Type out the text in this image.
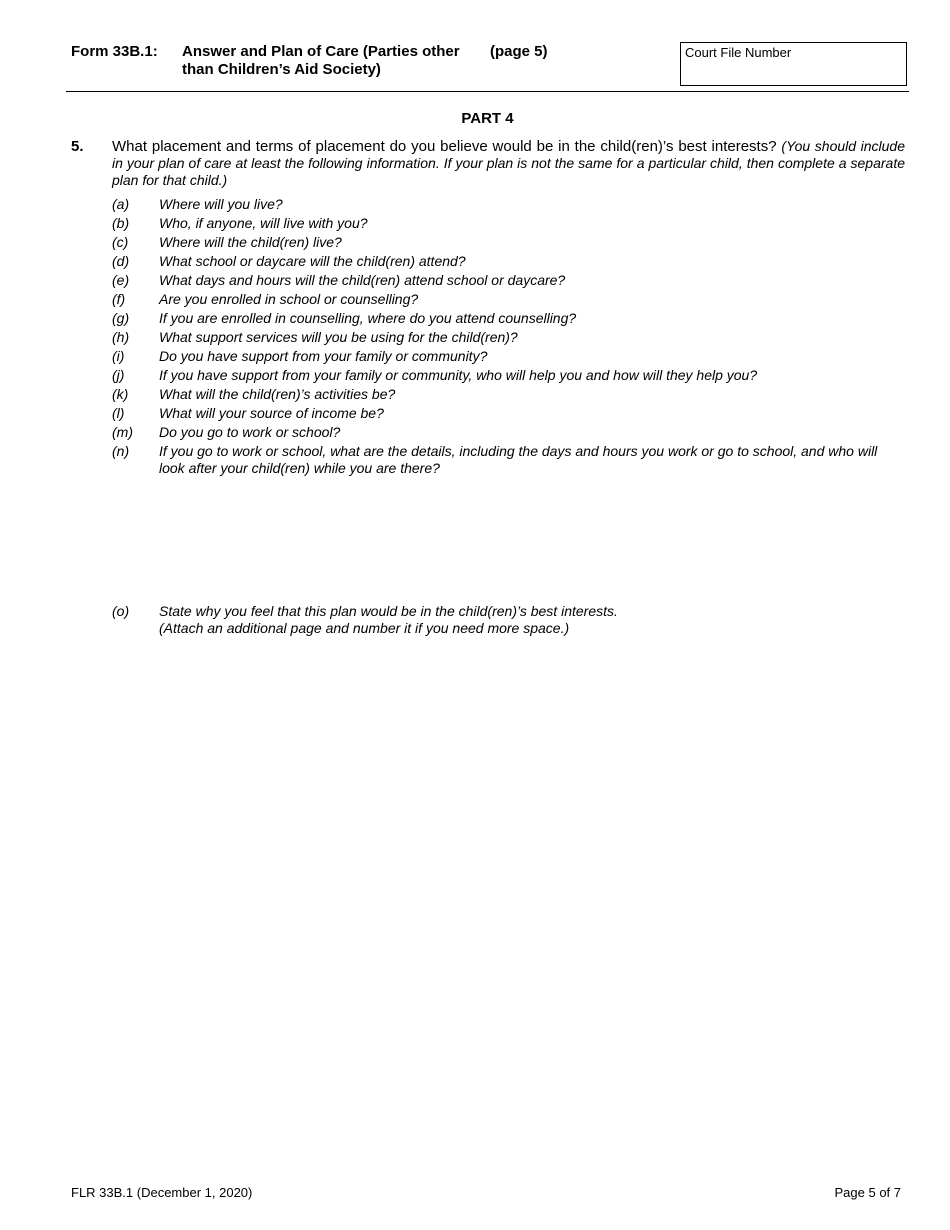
Form 33B.1: Answer and Plan of Care (Parties other
than Children’s Aid Society)
(page 5)	Court File Number
PART 4
5. What placement and terms of placement do you believe would be in the child(ren)’s best interests? (You should include in your plan of care at least the following information. If your plan is not the same for a particular child, then complete a separate plan for that child.)
(a)	Where will you live?
(b)	Who, if anyone, will live with you?
(c)	Where will the child(ren) live?
(d)	What school or daycare will the child(ren) attend?
(e)	What days and hours will the child(ren) attend school or daycare?
(f)	Are you enrolled in school or counselling?
(g)	If you are enrolled in counselling, where do you attend counselling?
(h)	What support services will you be using for the child(ren)?
(i)	Do you have support from your family or community?
(j)	If you have support from your family or community, who will help you and how will they help you?
(k)	What will the child(ren)’s activities be?
(l)	What will your source of income be?
(m)	Do you go to work or school?
(n)	If you go to work or school, what are the details, including the days and hours you work or go to school, and who will look after your child(ren) while you are there?
(o)	State why you feel that this plan would be in the child(ren)’s best interests.
(Attach an additional page and number it if you need more space.)
FLR 33B.1 (December 1, 2020)	Page 5 of 7
